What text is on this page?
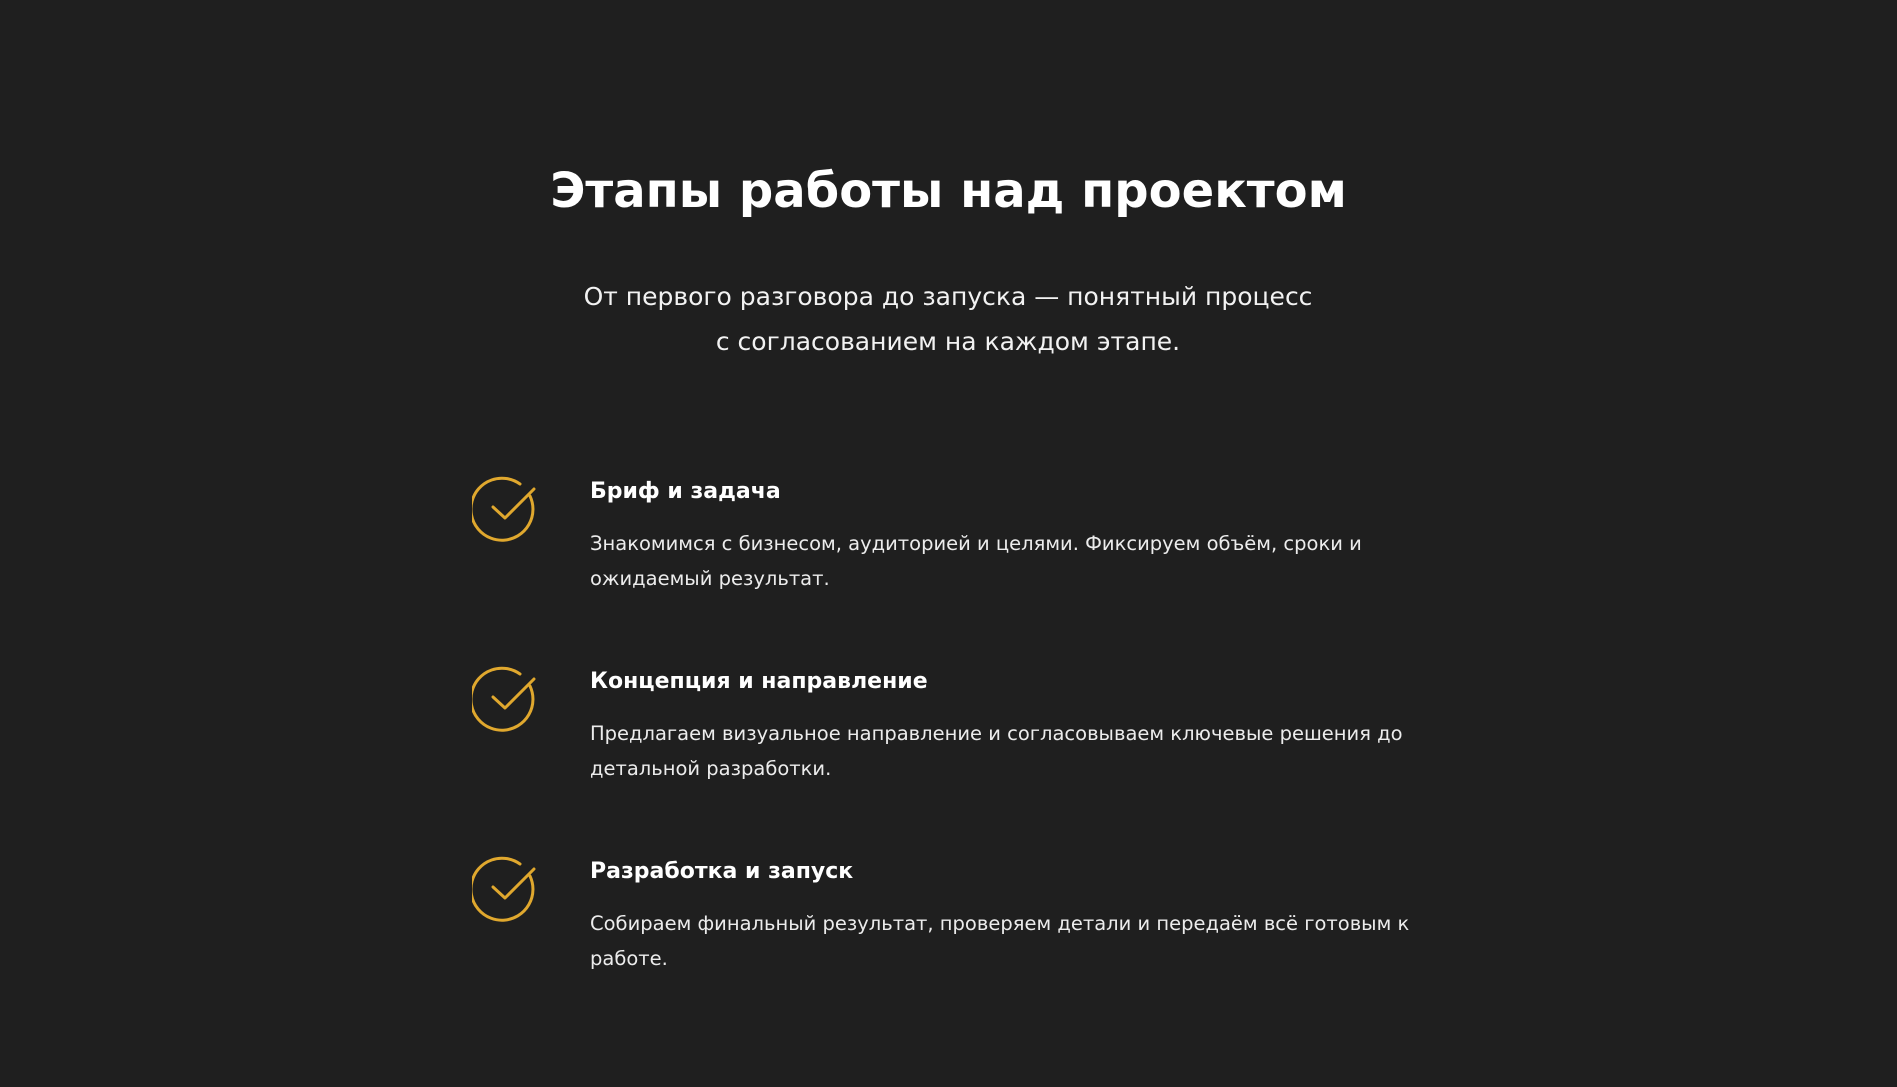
Этапы работы над проектом

От первого разговора до запуска — понятный процесс
с согласованием на каждом этапе.

Бриф и задача

Знакомимся с бизнесом, аудиторией и целями. Фиксируем объём, сроки и ожидаемый результат.

Концепция и направление

Предлагаем визуальное направление и согласовываем ключевые решения до детальной разработки.

Разработка и запуск

Собираем финальный результат, проверяем детали и передаём всё готовым к работе.
